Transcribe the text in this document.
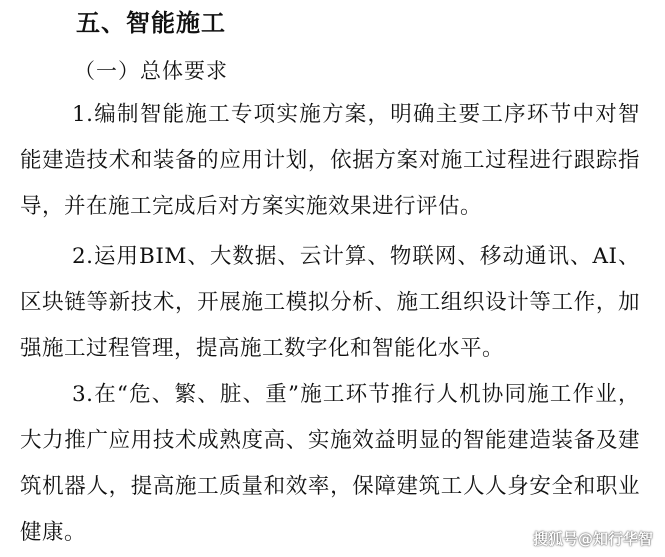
五、智能施工
（一）总体要求

1.编制智能施工专项实施方案，明确主要工序环节中对智能建造技术和装备的应用计划，依据方案对施工过程进行跟踪指导，并在施工完成后对方案实施效果进行评估。

2.运用BIM、大数据、云计算、物联网、移动通讯、AI、区块链等新技术，开展施工模拟分析、施工组织设计等工作，加强施工过程管理，提高施工数字化和智能化水平。

3.在“危、繁、脏、重”施工环节推行人机协同施工作业，大力推广应用技术成熟度高、实施效益明显的智能建造装备及建筑机器人，提高施工质量和效率，保障建筑工人人身安全和职业健康。	搜狐号@知行华智
